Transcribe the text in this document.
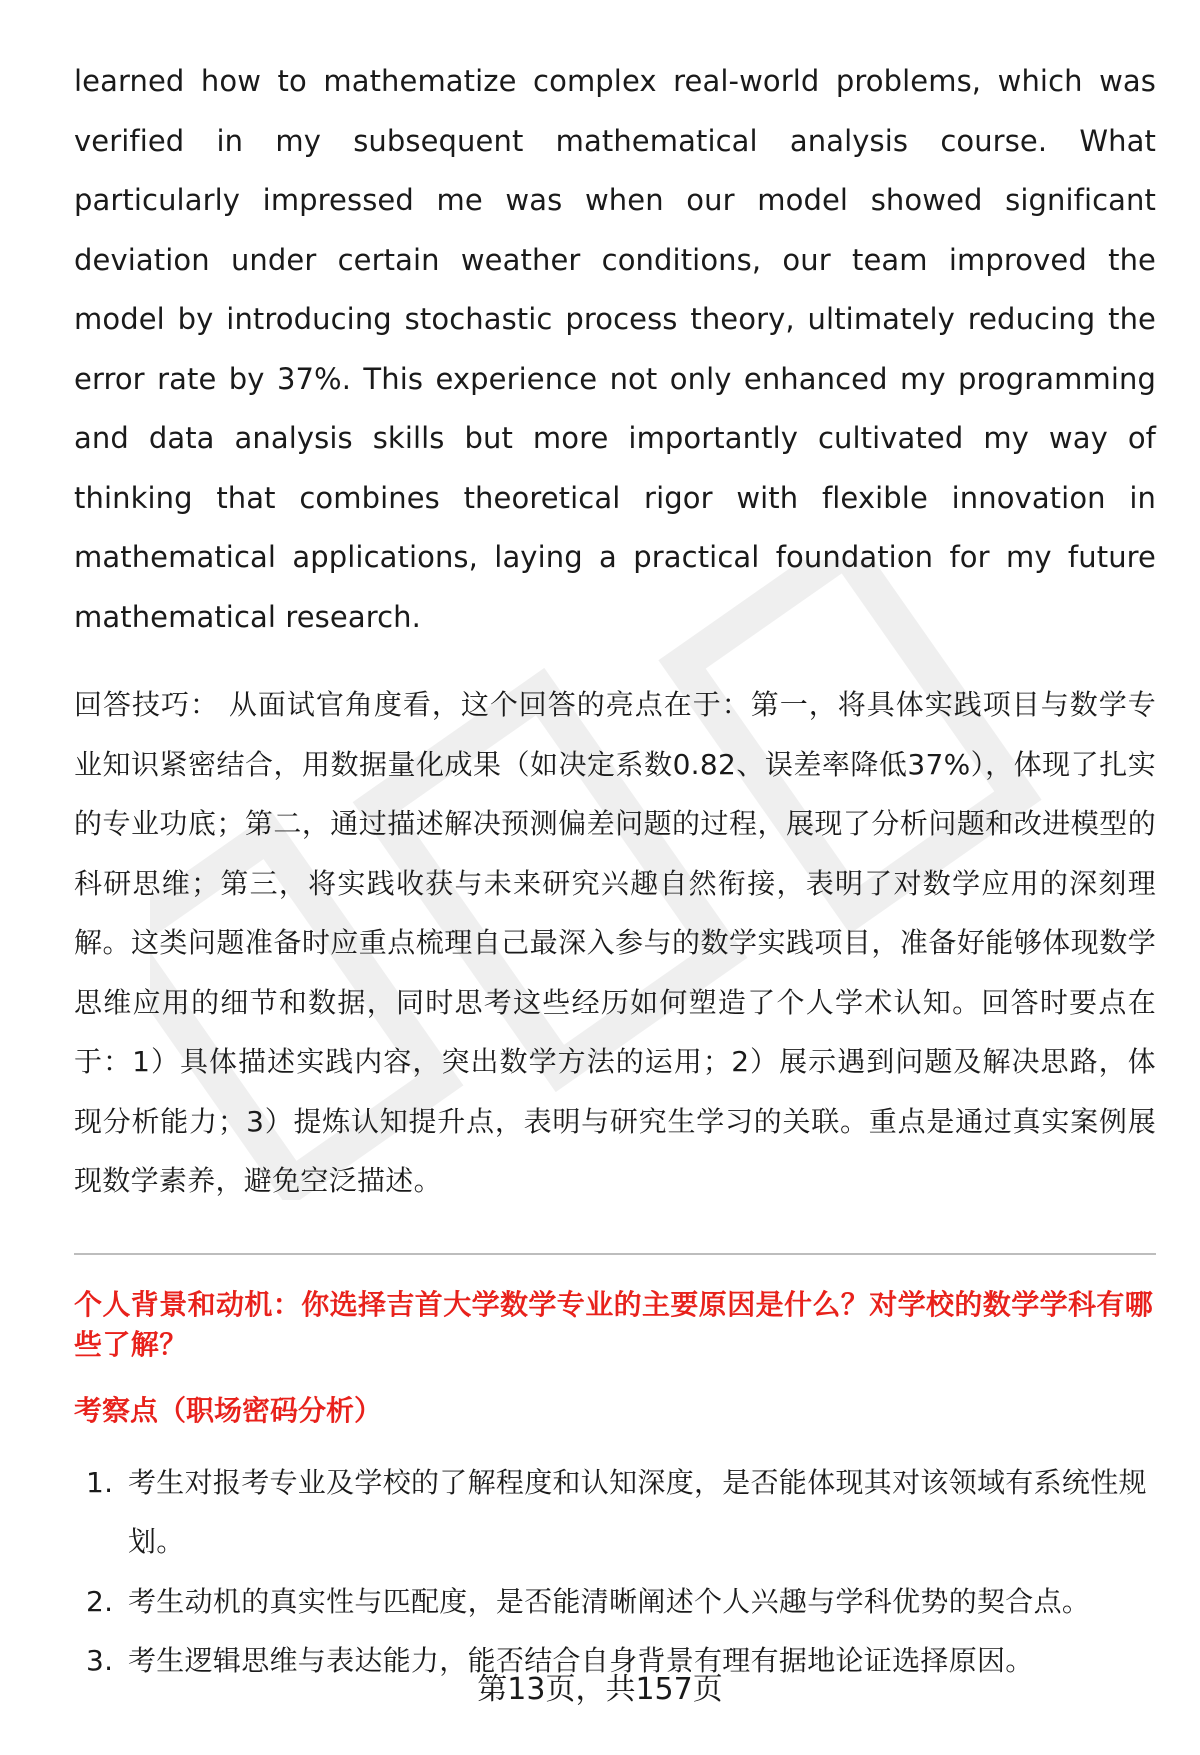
learned how to mathematize complex real-world problems, which was verified in my subsequent mathematical analysis course. What particularly impressed me was when our model showed significant deviation under certain weather conditions, our team improved the model by introducing stochastic process theory, ultimately reducing the error rate by 37%. This experience not only enhanced my programming and data analysis skills but more importantly cultivated my way of thinking that combines theoretical rigor with flexible innovation in mathematical applications, laying a practical foundation for my future mathematical research.

回答技巧： 从面试官角度看，这个回答的亮点在于：第一，将具体实践项目与数学专业知识紧密结合，用数据量化成果（如决定系数0.82、误差率降低37%），体现了扎实的专业功底；第二，通过描述解决预测偏差问题的过程，展现了分析问题和改进模型的科研思维；第三，将实践收获与未来研究兴趣自然衔接，表明了对数学应用的深刻理解。这类问题准备时应重点梳理自己最深入参与的数学实践项目，准备好能够体现数学思维应用的细节和数据，同时思考这些经历如何塑造了个人学术认知。回答时要点在于：1）具体描述实践内容，突出数学方法的运用；2）展示遇到问题及解决思路，体现分析能力；3）提炼认知提升点，表明与研究生学习的关联。重点是通过真实案例展现数学素养，避免空泛描述。

个人背景和动机：你选择吉首大学数学专业的主要原因是什么？对学校的数学学科有哪些了解？
考察点（职场密码分析）
1. 考生对报考专业及学校的了解程度和认知深度，是否能体现其对该领域有系统性规划。
2. 考生动机的真实性与匹配度，是否能清晰阐述个人兴趣与学科优势的契合点。
3. 考生逻辑思维与表达能力，能否结合自身背景有理有据地论证选择原因。
第13页，共157页
